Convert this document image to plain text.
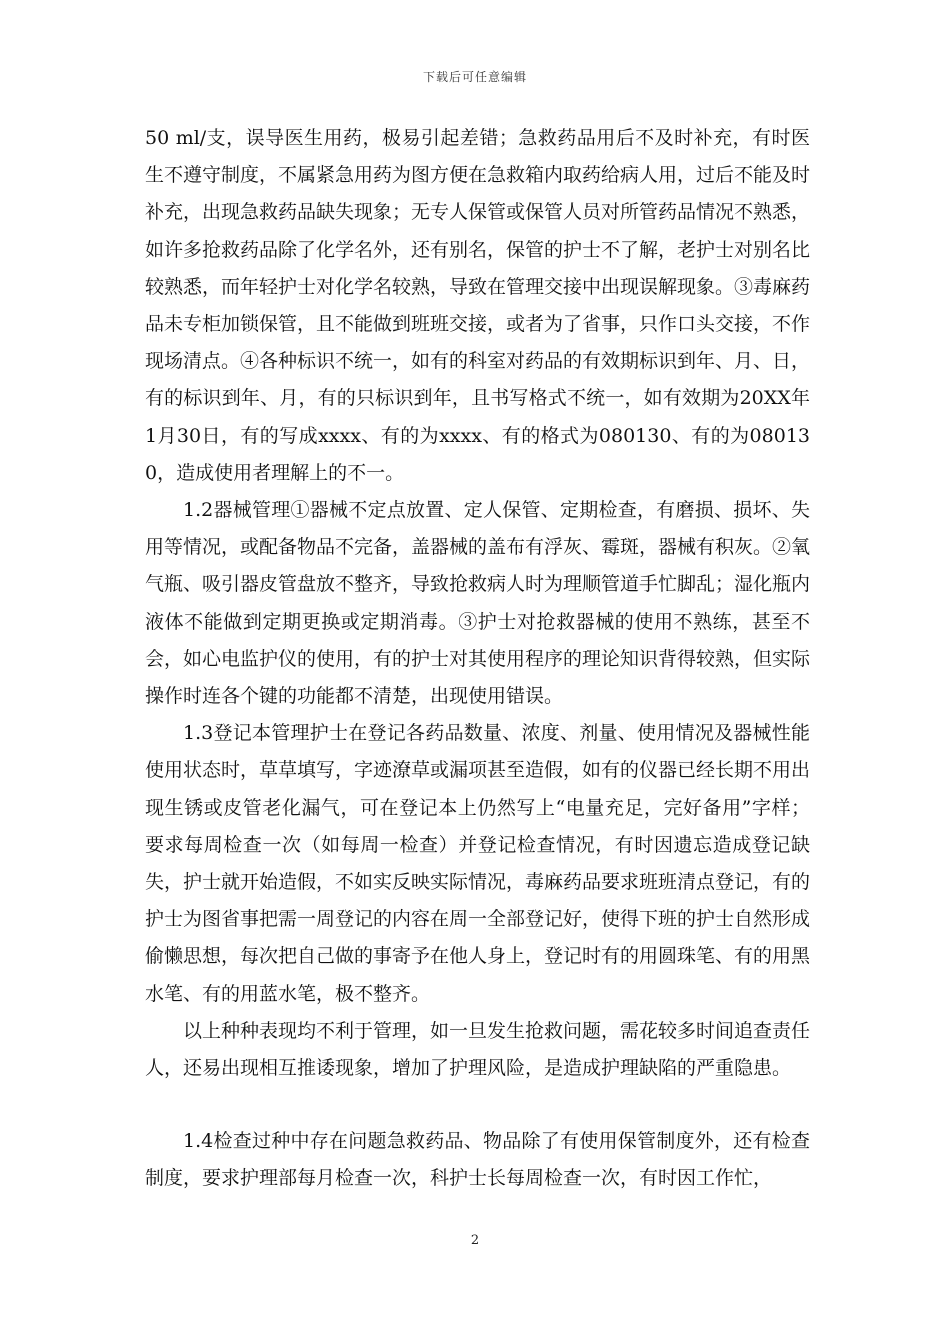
下载后可任意编辑

50 ml/支，误导医生用药，极易引起差错；急救药品用后不及时补充，有时医生不遵守制度，不属紧急用药为图方便在急救箱内取药给病人用，过后不能及时补充，出现急救药品缺失现象；无专人保管或保管人员对所管药品情况不熟悉，如许多抢救药品除了化学名外，还有别名，保管的护士不了解，老护士对别名比较熟悉，而年轻护士对化学名较熟，导致在管理交接中出现误解现象。③毒麻药品未专柜加锁保管，且不能做到班班交接，或者为了省事，只作口头交接，不作现场清点。④各种标识不统一，如有的科室对药品的有效期标识到年、月、日，有的标识到年、月，有的只标识到年，且书写格式不统一，如有效期为20XX年1月30日，有的写成xxxx、有的为xxxx、有的格式为080130、有的为080130，造成使用者理解上的不一。

1.2器械管理①器械不定点放置、定人保管、定期检查，有磨损、损坏、失用等情况，或配备物品不完备，盖器械的盖布有浮灰、霉斑，器械有积灰。②氧气瓶、吸引器皮管盘放不整齐，导致抢救病人时为理顺管道手忙脚乱；湿化瓶内液体不能做到定期更换或定期消毒。③护士对抢救器械的使用不熟练，甚至不会，如心电监护仪的使用，有的护士对其使用程序的理论知识背得较熟，但实际操作时连各个键的功能都不清楚，出现使用错误。

1.3登记本管理护士在登记各药品数量、浓度、剂量、使用情况及器械性能使用状态时，草草填写，字迹潦草或漏项甚至造假，如有的仪器已经长期不用出现生锈或皮管老化漏气，可在登记本上仍然写上“电量充足，完好备用”字样；要求每周检查一次（如每周一检查）并登记检查情况，有时因遗忘造成登记缺失，护士就开始造假，不如实反映实际情况，毒麻药品要求班班清点登记，有的护士为图省事把需一周登记的内容在周一全部登记好，使得下班的护士自然形成偷懒思想，每次把自己做的事寄予在他人身上，登记时有的用圆珠笔、有的用黑水笔、有的用蓝水笔，极不整齐。

以上种种表现均不利于管理，如一旦发生抢救问题，需花较多时间追查责任人，还易出现相互推诿现象，增加了护理风险，是造成护理缺陷的严重隐患。

1.4检查过种中存在问题急救药品、物品除了有使用保管制度外，还有检查制度，要求护理部每月检查一次，科护士长每周检查一次，有时因工作忙，

2
